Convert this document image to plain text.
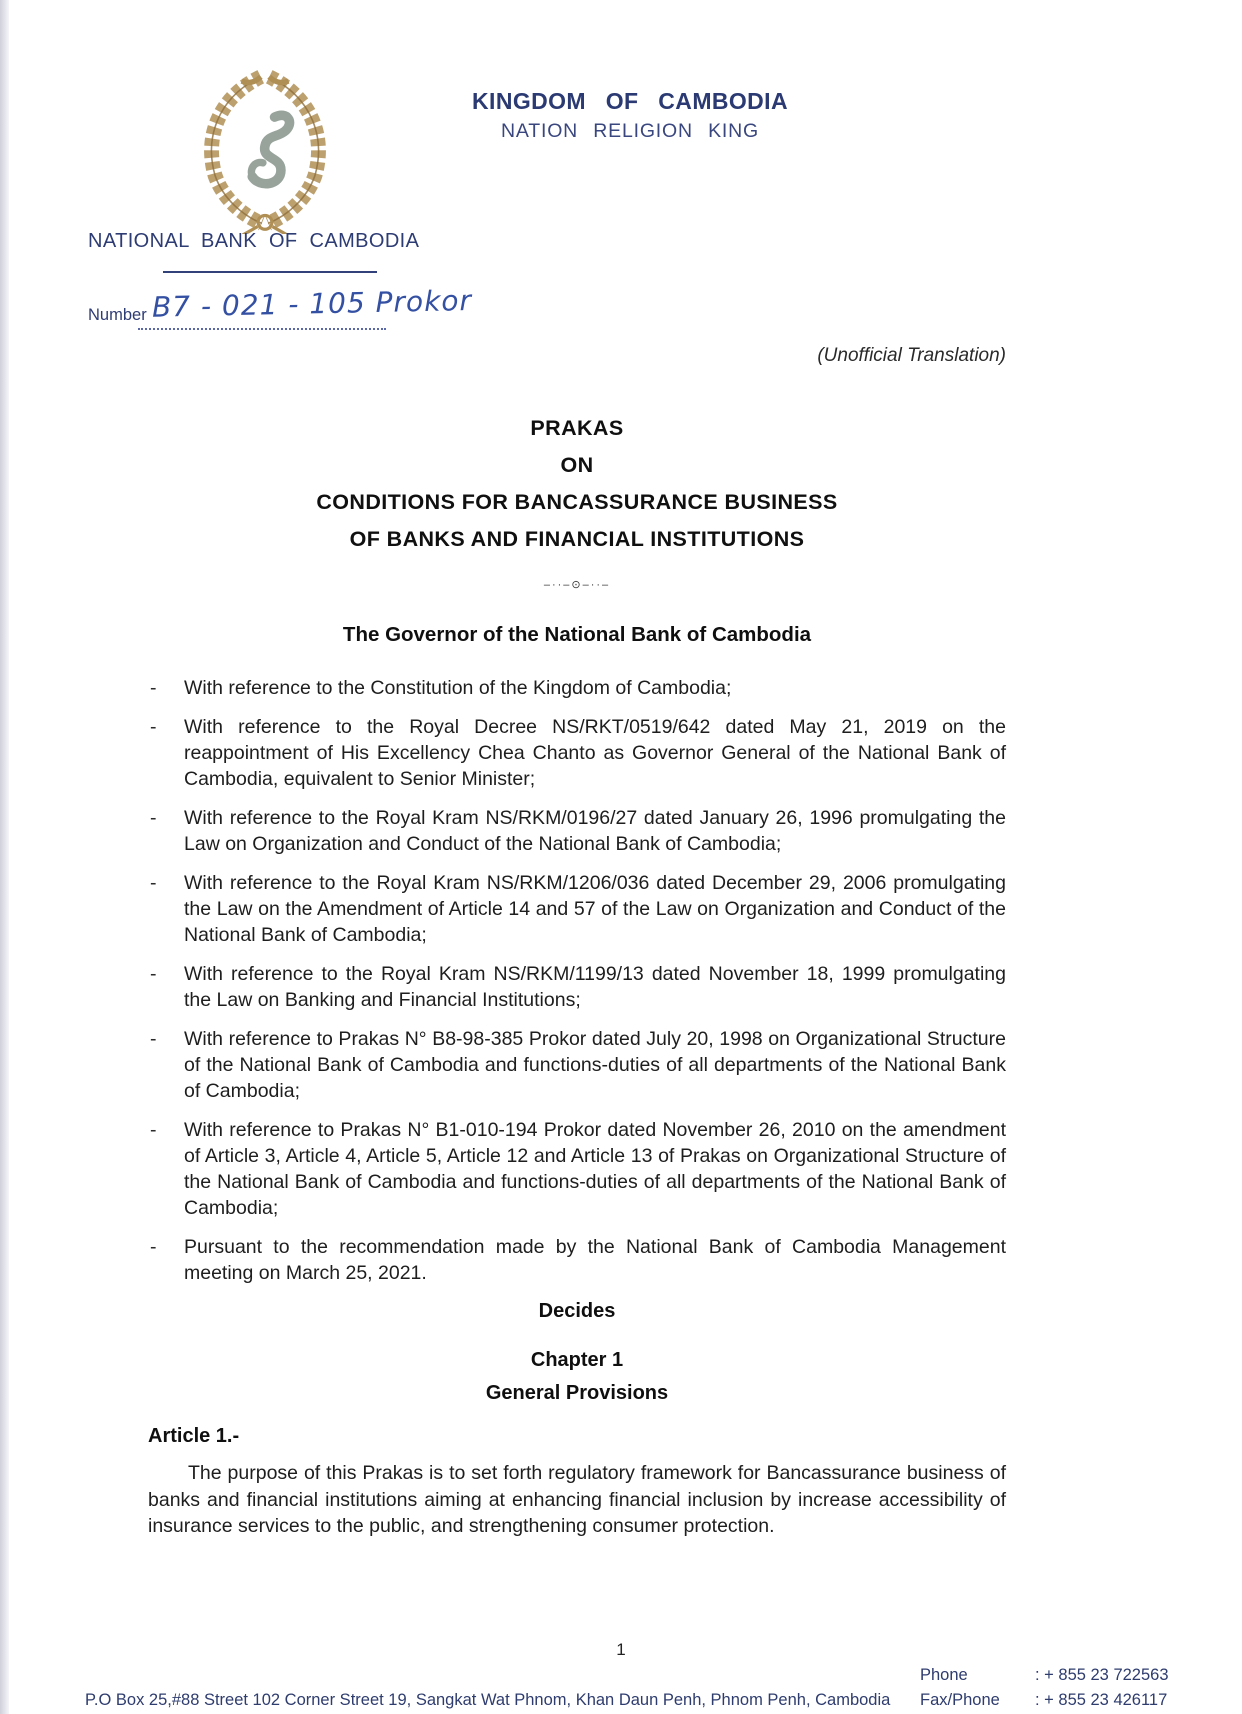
KINGDOM OF CAMBODIA
NATION RELIGION KING
NATIONAL BANK OF CAMBODIA
Number B7 - 021 - 105 Prokor
(Unofficial Translation)
PRAKAS
ON
CONDITIONS FOR BANCASSURANCE BUSINESS
OF BANKS AND FINANCIAL INSTITUTIONS
–··–⊙–··–
The Governor of the National Bank of Cambodia
- With reference to the Constitution of the Kingdom of Cambodia;
- With reference to the Royal Decree NS/RKT/0519/642 dated May 21, 2019 on the reappointment of His Excellency Chea Chanto as Governor General of the National Bank of Cambodia, equivalent to Senior Minister;
- With reference to the Royal Kram NS/RKM/0196/27 dated January 26, 1996 promulgating the Law on Organization and Conduct of the National Bank of Cambodia;
- With reference to the Royal Kram NS/RKM/1206/036 dated December 29, 2006 promulgating the Law on the Amendment of Article 14 and 57 of the Law on Organization and Conduct of the National Bank of Cambodia;
- With reference to the Royal Kram NS/RKM/1199/13 dated November 18, 1999 promulgating the Law on Banking and Financial Institutions;
- With reference to Prakas N° B8-98-385 Prokor dated July 20, 1998 on Organizational Structure of the National Bank of Cambodia and functions-duties of all departments of the National Bank of Cambodia;
- With reference to Prakas N° B1-010-194 Prokor dated November 26, 2010 on the amendment of Article 3, Article 4, Article 5, Article 12 and Article 13 of Prakas on Organizational Structure of the National Bank of Cambodia and functions-duties of all departments of the National Bank of Cambodia;
- Pursuant to the recommendation made by the National Bank of Cambodia Management meeting on March 25, 2021.
Decides
Chapter 1
General Provisions
Article 1.-
The purpose of this Prakas is to set forth regulatory framework for Bancassurance business of banks and financial institutions aiming at enhancing financial inclusion by increase accessibility of insurance services to the public, and strengthening consumer protection.
1
P.O Box 25,#88 Street 102 Corner Street 19, Sangkat Wat Phnom, Khan Daun Penh, Phnom Penh, Cambodia
Phone	: + 855 23 722563
Fax/Phone : + 855 23 426117
